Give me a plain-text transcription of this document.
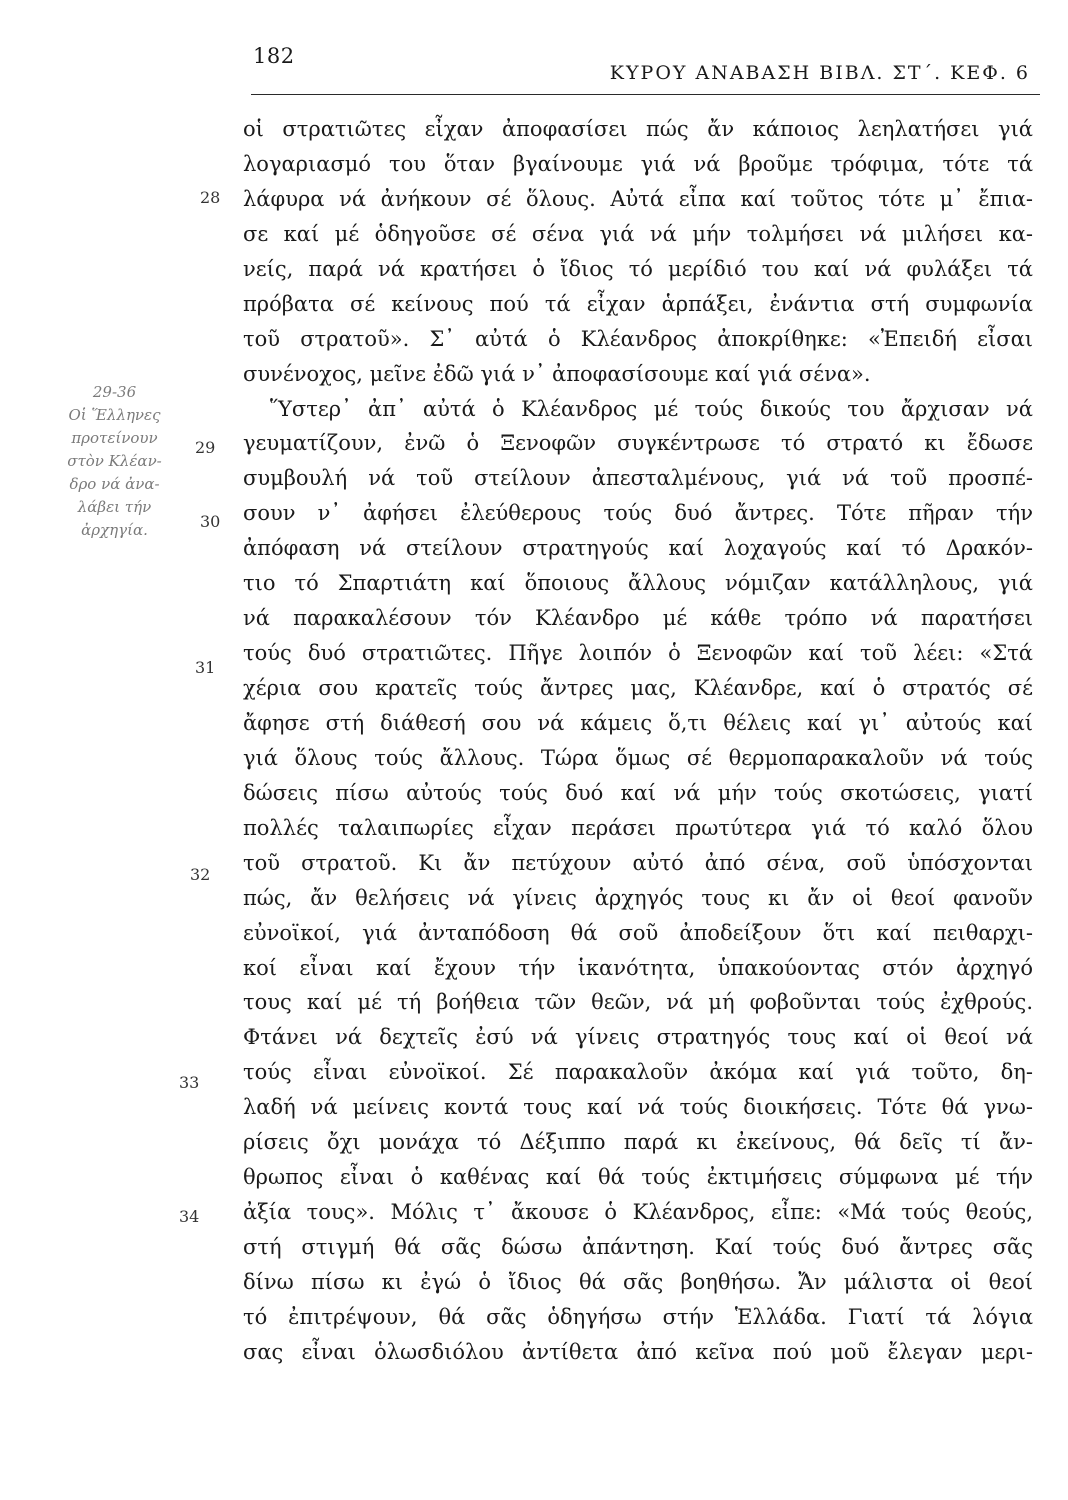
182
ΚΥΡΟΥ ΑΝΑΒΑΣΗ ΒΙΒΛ. ΣΤ΄. ΚΕΦ. 6
29-36
Οἱ Ἕλληνες
προτείνουν
στὸν Κλέαν-
δρο νά ἀνα-
λάβει τήν
ἀρχηγία.
28
29
30
31
32
33
34
οἱ στρατιῶτες εἶχαν ἀποφασίσει πώς ἄν κάποιος λεηλατήσει γιά
λογαριασμό του ὅταν βγαίνουμε γιά νά βροῦμε τρόφιμα, τότε τά
λάφυρα νά ἀνήκουν σέ ὅλους. Αὐτά εἶπα καί τοῦτος τότε μ᾽ ἔπια-
σε καί μέ ὁδηγοῦσε σέ σένα γιά νά μήν τολμήσει νά μιλήσει κα-
νείς, παρά νά κρατήσει ὁ ἴδιος τό μερίδιό του καί νά φυλάξει τά
πρόβατα σέ κείνους πού τά εἶχαν ἁρπάξει, ἐνάντια στή συμφωνία
τοῦ στρατοῦ». Σ᾽ αὐτά ὁ Κλέανδρος ἀποκρίθηκε: «Ἐπειδή εἶσαι
συνένοχος, μεῖνε ἐδῶ γιά ν᾽ ἀποφασίσουμε καί γιά σένα».
Ὕστερ᾽ ἀπ᾽ αὐτά ὁ Κλέανδρος μέ τούς δικούς του ἄρχισαν νά
γευματίζουν, ἐνῶ ὁ Ξενοφῶν συγκέντρωσε τό στρατό κι ἔδωσε
συμβουλή νά τοῦ στείλουν ἀπεσταλμένους, γιά νά τοῦ προσπέ-
σουν ν᾽ ἀφήσει ἐλεύθερους τούς δυό ἄντρες. Τότε πῆραν τήν
ἀπόφαση νά στείλουν στρατηγούς καί λοχαγούς καί τό Δρακόν-
τιο τό Σπαρτιάτη καί ὅποιους ἄλλους νόμιζαν κατάλληλους, γιά
νά παρακαλέσουν τόν Κλέανδρο μέ κάθε τρόπο νά παρατήσει
τούς δυό στρατιῶτες. Πῆγε λοιπόν ὁ Ξενοφῶν καί τοῦ λέει: «Στά
χέρια σου κρατεῖς τούς ἄντρες μας, Κλέανδρε, καί ὁ στρατός σέ
ἄφησε στή διάθεσή σου νά κάμεις ὅ,τι θέλεις καί γι᾽ αὐτούς καί
γιά ὅλους τούς ἄλλους. Τώρα ὅμως σέ θερμοπαρακαλοῦν νά τούς
δώσεις πίσω αὐτούς τούς δυό καί νά μήν τούς σκοτώσεις, γιατί
πολλές ταλαιπωρίες εἶχαν περάσει πρωτύτερα γιά τό καλό ὅλου
τοῦ στρατοῦ. Κι ἄν πετύχουν αὐτό ἀπό σένα, σοῦ ὑπόσχονται
πώς, ἄν θελήσεις νά γίνεις ἀρχηγός τους κι ἄν οἱ θεοί φανοῦν
εὐνοϊκοί, γιά ἀνταπόδοση θά σοῦ ἀποδείξουν ὅτι καί πειθαρχι-
κοί εἶναι καί ἔχουν τήν ἱκανότητα, ὑπακούοντας στόν ἀρχηγό
τους καί μέ τή βοήθεια τῶν θεῶν, νά μή φοβοῦνται τούς ἐχθρούς.
Φτάνει νά δεχτεῖς ἐσύ νά γίνεις στρατηγός τους καί οἱ θεοί νά
τούς εἶναι εὐνοϊκοί. Σέ παρακαλοῦν ἀκόμα καί γιά τοῦτο, δη-
λαδή νά μείνεις κοντά τους καί νά τούς διοικήσεις. Τότε θά γνω-
ρίσεις ὄχι μονάχα τό Δέξιππο παρά κι ἐκείνους, θά δεῖς τί ἄν-
θρωπος εἶναι ὁ καθένας καί θά τούς ἐκτιμήσεις σύμφωνα μέ τήν
ἀξία τους». Μόλις τ᾽ ἄκουσε ὁ Κλέανδρος, εἶπε: «Μά τούς θεούς,
στή στιγμή θά σᾶς δώσω ἀπάντηση. Καί τούς δυό ἄντρες σᾶς
δίνω πίσω κι ἐγώ ὁ ἴδιος θά σᾶς βοηθήσω. Ἄν μάλιστα οἱ θεοί
τό ἐπιτρέψουν, θά σᾶς ὁδηγήσω στήν Ἑλλάδα. Γιατί τά λόγια
σας εἶναι ὁλωσδιόλου ἀντίθετα ἀπό κεῖνα πού μοῦ ἔλεγαν μερι-
